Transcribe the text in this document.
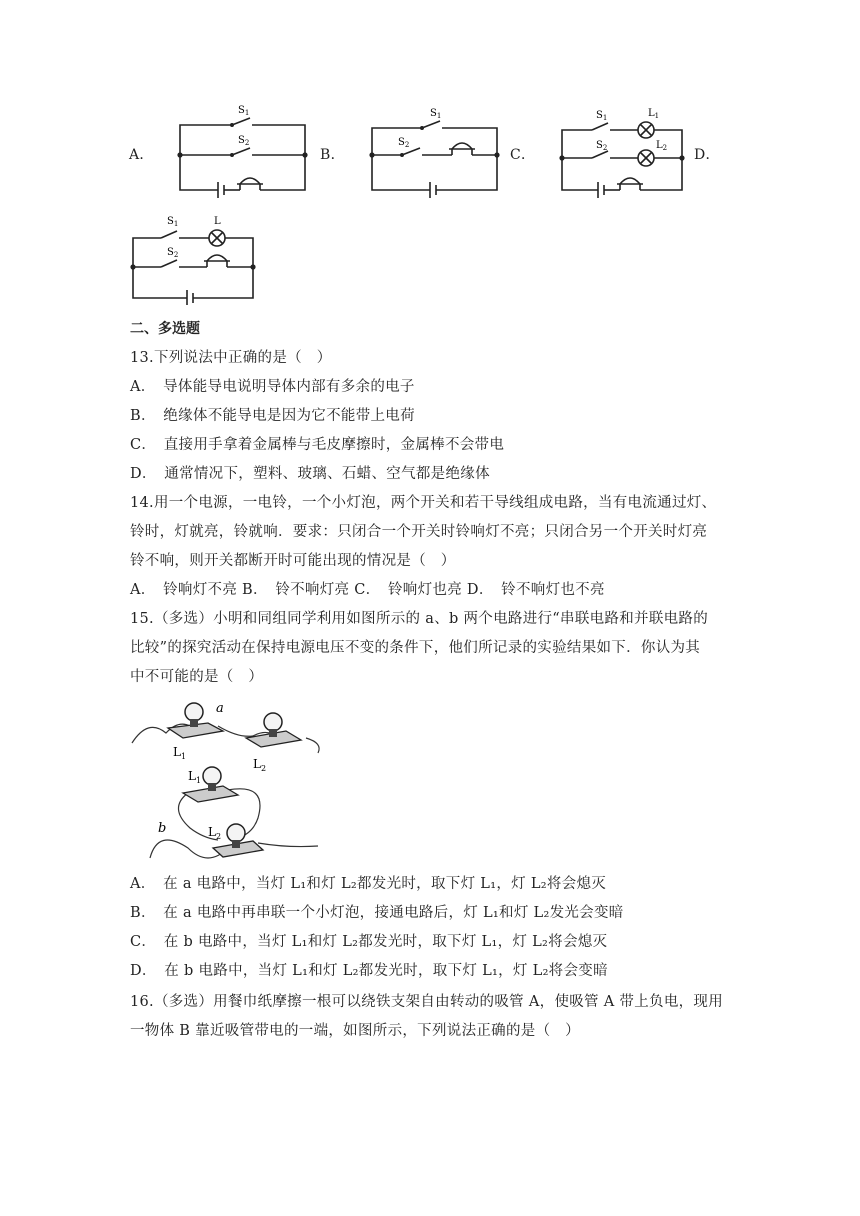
A．	B．	C．	D．
$S_1$
$S_2$
$S_1$
$S_2$
$S_1$
$S_2$
$L_1$
$L_2$
$S_1$
$S_2$
L
二、多选题
13.下列说法中正确的是（　）
A．　导体能导电说明导体内部有多余的电子
B．　绝缘体不能导电是因为它不能带上电荷
C．　直接用手拿着金属棒与毛皮摩擦时，金属棒不会带电
D．　通常情况下，塑料、玻璃、石蜡、空气都是绝缘体
14.用一个电源，一电铃，一个小灯泡，两个开关和若干导线组成电路，当有电流通过灯、
铃时，灯就亮，铃就响．要求：只闭合一个开关时铃响灯不亮；只闭合另一个开关时灯亮
铃不响，则开关都断开时可能出现的情况是（　）
A．　铃响灯不亮 B．　铃不响灯亮 C．　铃响灯也亮 D．　铃不响灯也不亮
15.（多选）小明和同组同学利用如图所示的 a、b 两个电路进行“串联电路和并联电路的
比较”的探究活动在保持电源电压不变的条件下，他们所记录的实验结果如下．你认为其
中不可能的是（　）
a
b
$L_1$
$L_2$
$L_1$
$L_2$
A．　在 a 电路中，当灯 L₁和灯 L₂都发光时，取下灯 L₁，灯 L₂将会熄灭
B．　在 a 电路中再串联一个小灯泡，接通电路后，灯 L₁和灯 L₂发光会变暗
C．　在 b 电路中，当灯 L₁和灯 L₂都发光时，取下灯 L₁，灯 L₂将会熄灭
D．　在 b 电路中，当灯 L₁和灯 L₂都发光时，取下灯 L₁，灯 L₂将会变暗
16.（多选）用餐巾纸摩擦一根可以绕铁支架自由转动的吸管 A，使吸管 A 带上负电，现用
一物体 B 靠近吸管带电的一端，如图所示，下列说法正确的是（　）
